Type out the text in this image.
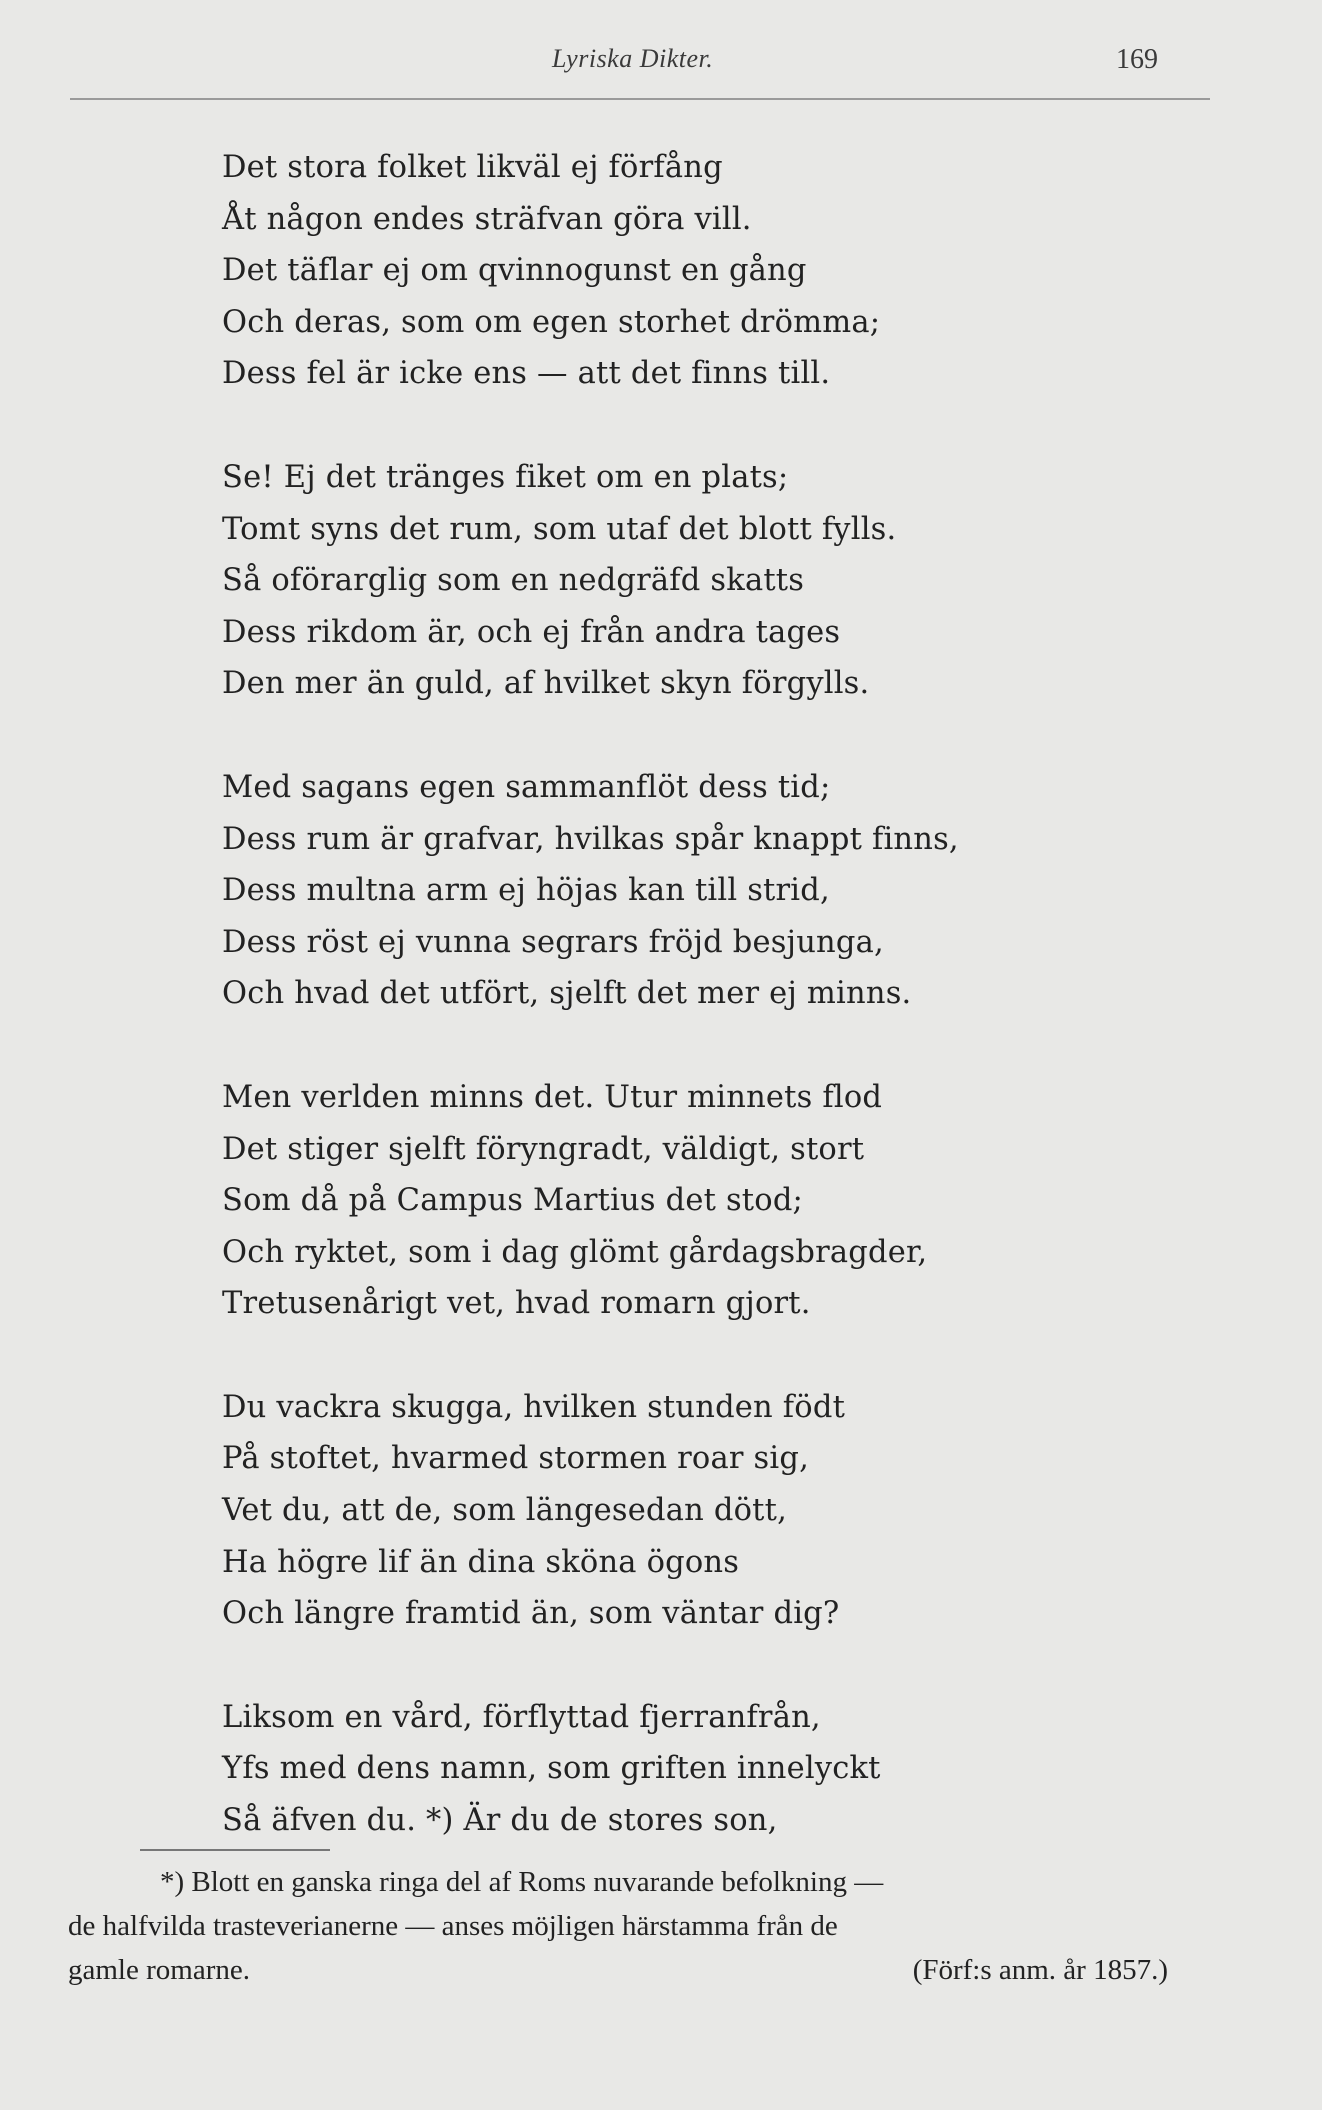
Lyriska Dikter.	169
Det stora folket likväl ej förfång
Åt någon endes sträfvan göra vill.
Det täflar ej om qvinnogunst en gång
Och deras, som om egen storhet drömma;
Dess fel är icke ens — att det finns till.
Se! Ej det tränges fiket om en plats;
Tomt syns det rum, som utaf det blott fylls.
Så oförarglig som en nedgräfd skatts
Dess rikdom är, och ej från andra tages
Den mer än guld, af hvilket skyn förgylls.
Med sagans egen sammanflöt dess tid;
Dess rum är grafvar, hvilkas spår knappt finns,
Dess multna arm ej höjas kan till strid,
Dess röst ej vunna segrars fröjd besjunga,
Och hvad det utfört, sjelft det mer ej minns.
Men verlden minns det. Utur minnets flod
Det stiger sjelft föryngradt, väldigt, stort
Som då på Campus Martius det stod;
Och ryktet, som i dag glömt gårdagsbragder,
Tretusenårigt vet, hvad romarn gjort.
Du vackra skugga, hvilken stunden födt
På stoftet, hvarmed stormen roar sig,
Vet du, att de, som längesedan dött,
Ha högre lif än dina sköna ögons
Och längre framtid än, som väntar dig?
Liksom en vård, förflyttad fjerranfrån,
Yfs med dens namn, som griften innelyckt
Så äfven du. *) Är du de stores son,
*) Blott en ganska ringa del af Roms nuvarande befolkning —
de halfvilda trasteverianerne — anses möjligen härstamma från de
gamle romarne.	(Förf:s anm. år 1857.)
